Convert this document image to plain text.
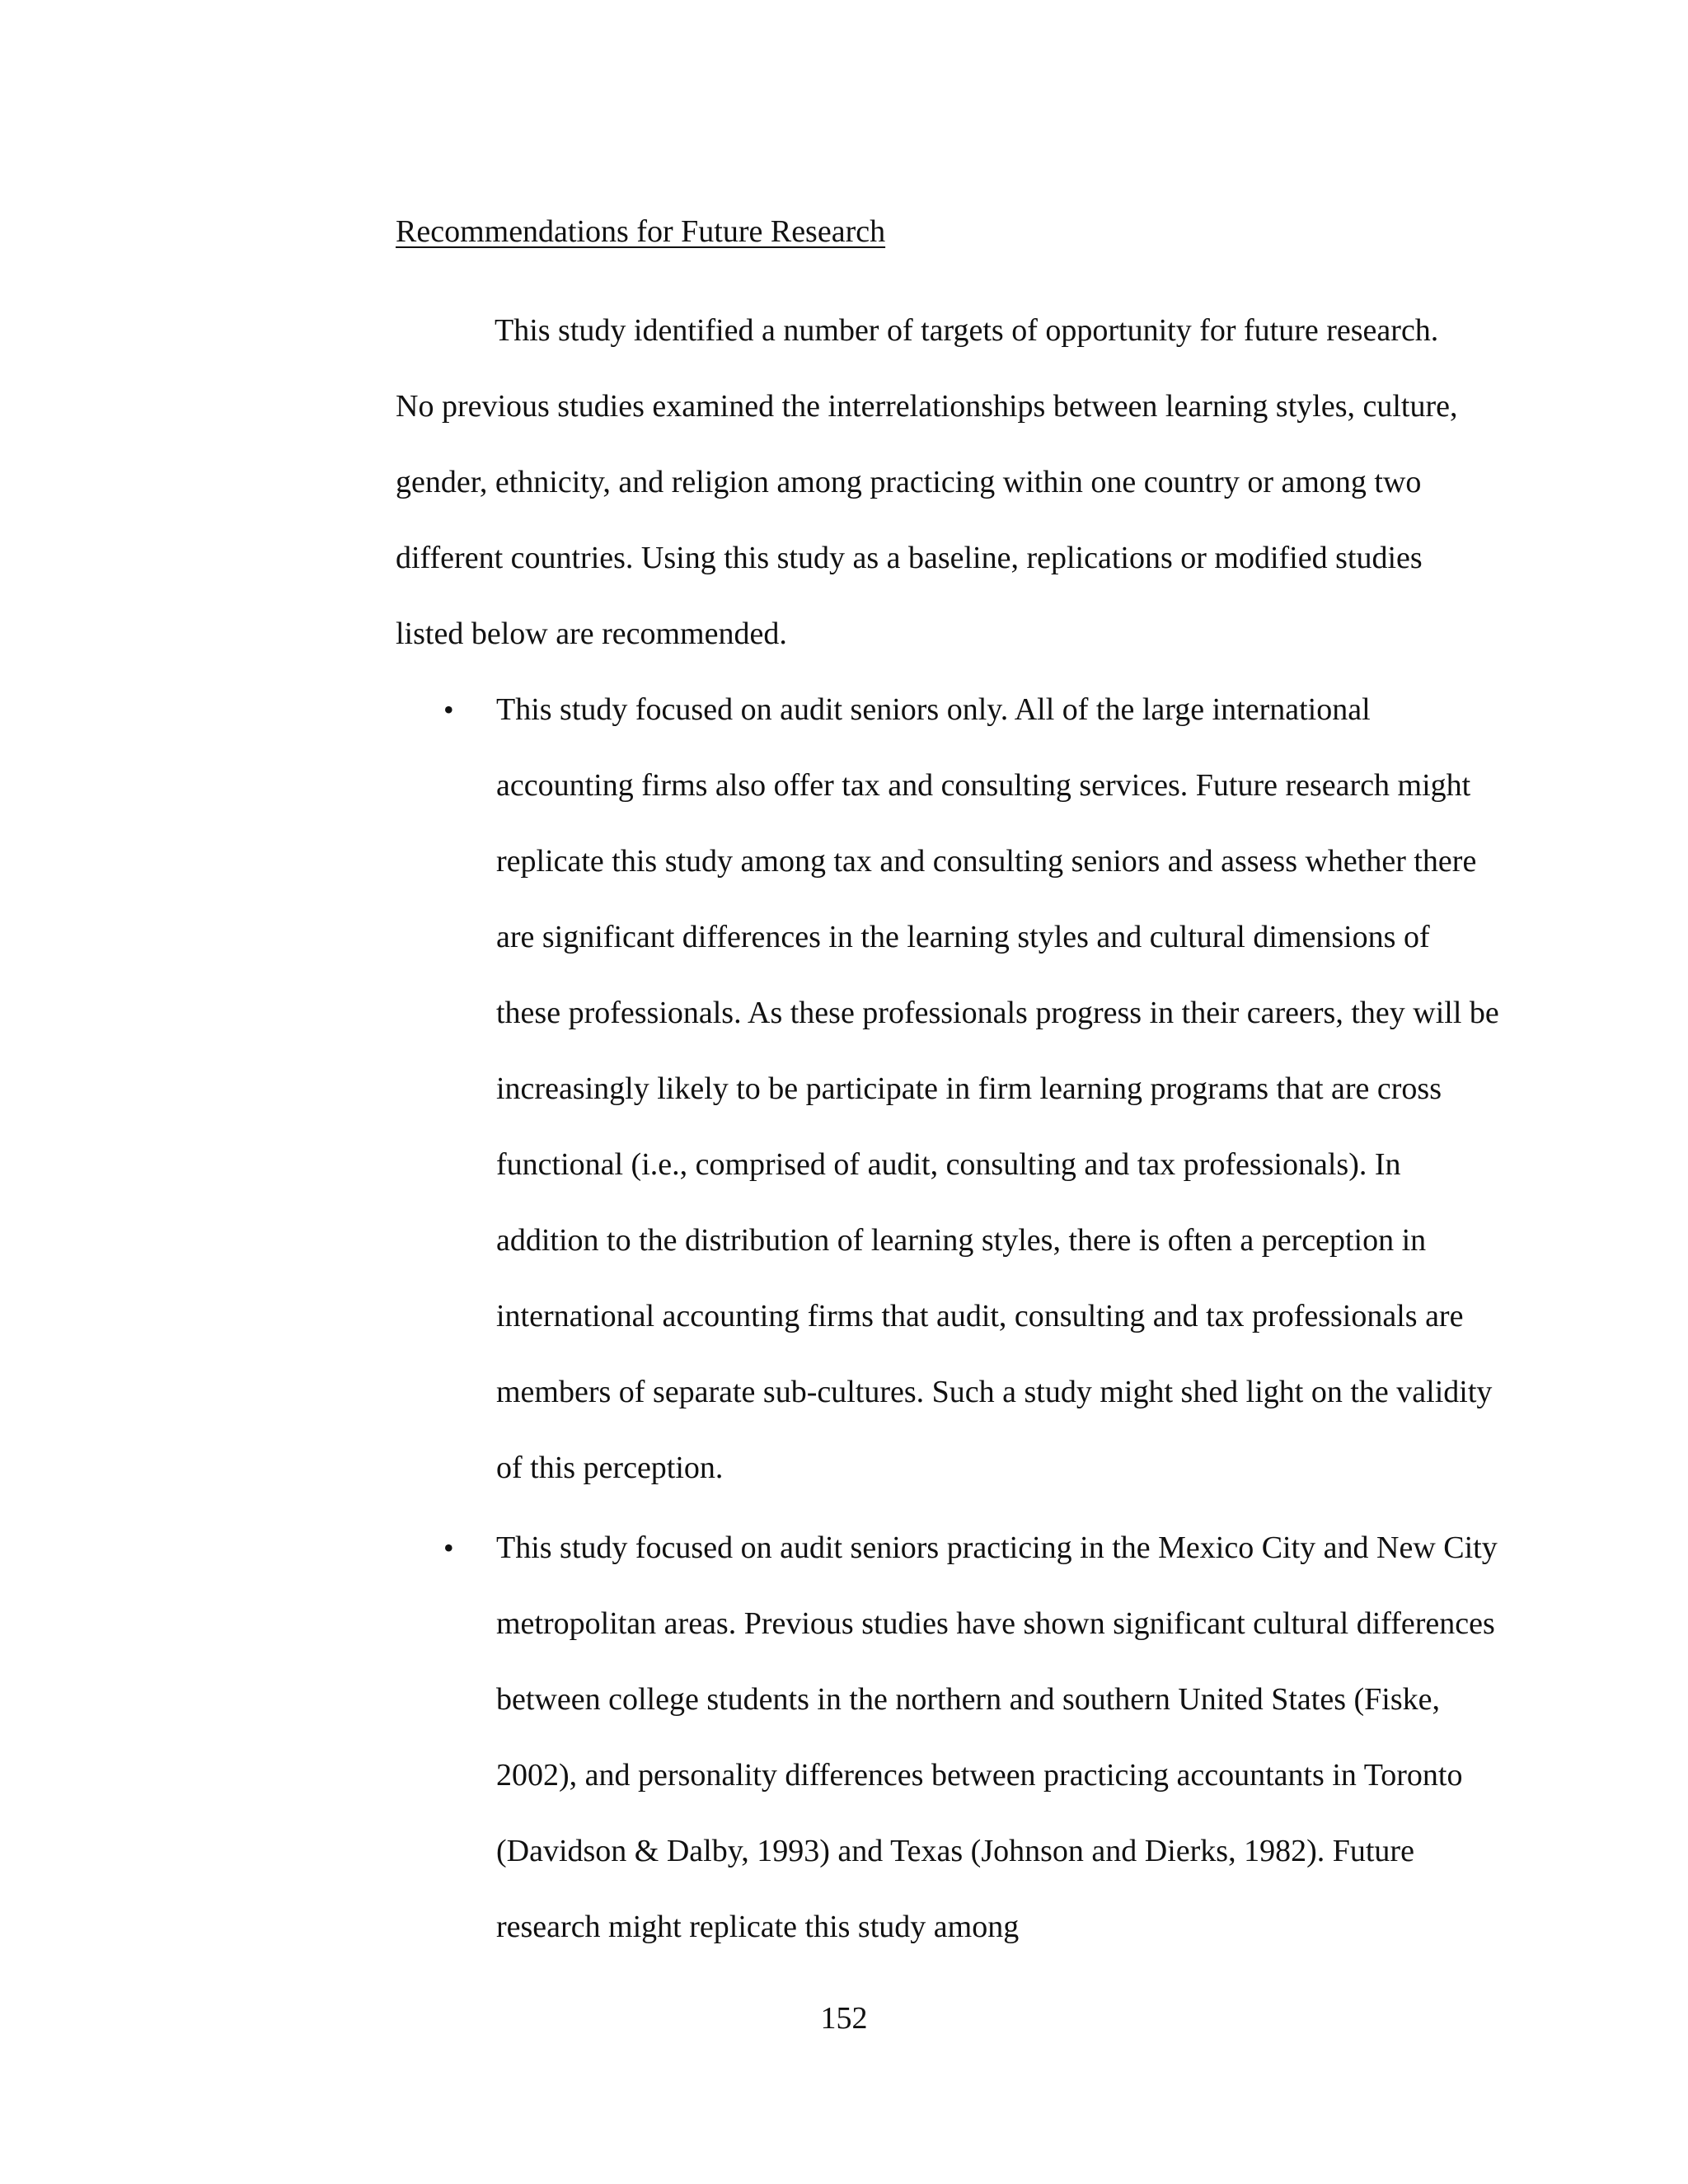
Recommendations for Future Research

This study identified a number of targets of opportunity for future research. No previous studies examined the interrelationships between learning styles, culture, gender, ethnicity, and religion among practicing within one country or among two different countries. Using this study as a baseline, replications or modified studies listed below are recommended.

• This study focused on audit seniors only. All of the large international accounting firms also offer tax and consulting services. Future research might replicate this study among tax and consulting seniors and assess whether there are significant differences in the learning styles and cultural dimensions of these professionals. As these professionals progress in their careers, they will be increasingly likely to be participate in firm learning programs that are cross functional (i.e., comprised of audit, consulting and tax professionals). In addition to the distribution of learning styles, there is often a perception in international accounting firms that audit, consulting and tax professionals are members of separate sub-cultures. Such a study might shed light on the validity of this perception.
• This study focused on audit seniors practicing in the Mexico City and New City metropolitan areas. Previous studies have shown significant cultural differences between college students in the northern and southern United States (Fiske, 2002), and personality differences between practicing accountants in Toronto (Davidson & Dalby, 1993) and Texas (Johnson and Dierks, 1982). Future research might replicate this study among
152
